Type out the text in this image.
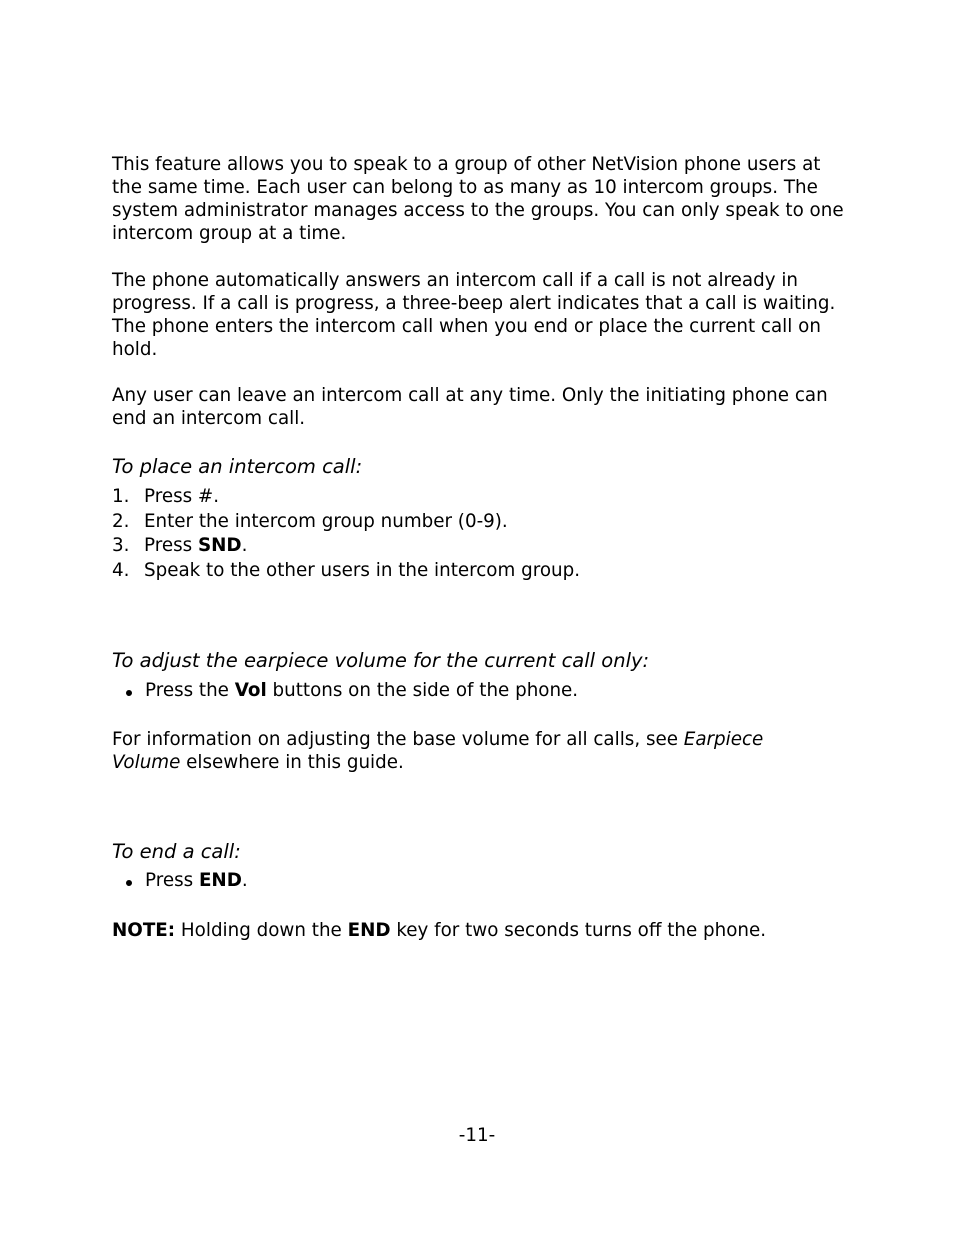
This feature allows you to speak to a group of other NetVision phone users at the same time. Each user can belong to as many as 10 intercom groups. The system administrator manages access to the groups. You can only speak to one intercom group at a time.

The phone automatically answers an intercom call if a call is not already in progress. If a call is progress, a three-beep alert indicates that a call is waiting. The phone enters the intercom call when you end or place the current call on hold.

Any user can leave an intercom call at any time. Only the initiating phone can end an intercom call.

To place an intercom call:

1. Press #.
2. Enter the intercom group number (0-9).
3. Press SND.
4. Speak to the other users in the intercom group.

To adjust the earpiece volume for the current call only:

Press the Vol buttons on the side of the phone.

For information on adjusting the base volume for all calls, see Earpiece
Volume elsewhere in this guide.

To end a call:

Press END.

NOTE: Holding down the END key for two seconds turns off the phone.

-11-
